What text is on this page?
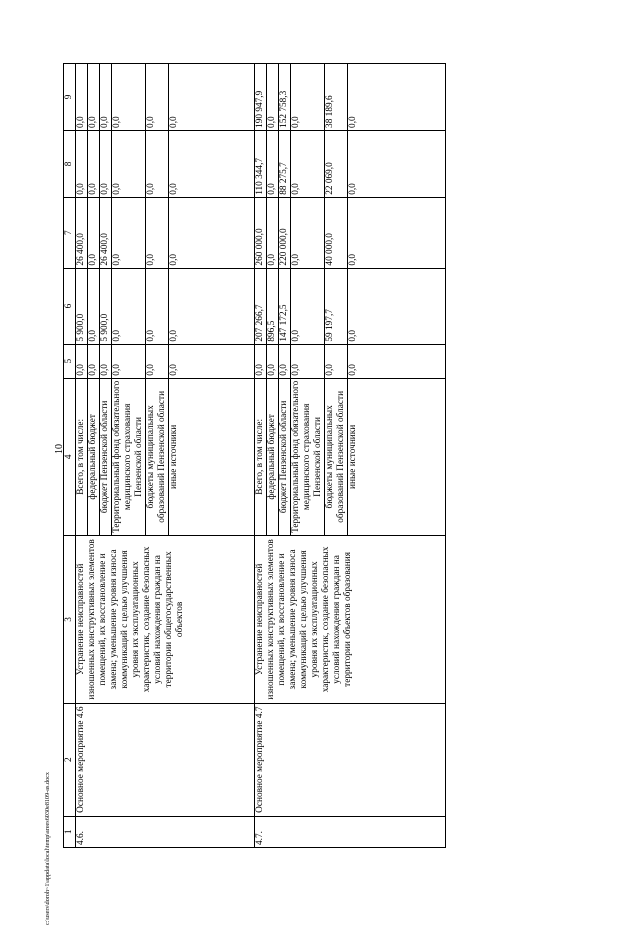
10
c:\users\doroh~1\appdata\local\temp\arees6030e8109-as.docx 1	2	3	4	5	6	7	8	9
4.6.	Основное мероприятие 4.6	Устранение неисправностей изношенных конструктивных элементов помещений, их восстановление и замена; уменьшение уровня износа коммуникаций с целью улучшения уровня их эксплуатационных характеристик, создание безопасных условий нахождения граждан на территории общегосударственных объектов	Всего, в том числе:	0,0	5 900,0	26 400,0	0,0	0,0
			федеральный бюджет	0,0	0,0	0,0	0,0	0,0
			бюджет Пензенской области	0,0	5 900,0	26 400,0	0,0	0,0
			Территориальный фонд обязательного медицинского страхования Пензенской области	0,0	0,0	0,0	0,0	0,0
			бюджеты муниципальных образований Пензенской области	0,0	0,0	0,0	0,0	0,0
			иные источники	0,0	0,0	0,0	0,0	0,0
4.7.	Основное мероприятие 4.7	Устранение неисправностей изношенных конструктивных элементов помещений, их восстановление и замена; уменьшение уровня износа коммуникаций с целью улучшения уровня их эксплуатационных характеристик, создание безопасных условий нахождения граждан на территории объектов образования	Всего, в том числе:	0,0	207 266,7	260 000,0	110 344,7	190 947,9
			федеральный бюджет	0,0	896,5	0,0	0,0	0,0
			бюджет Пензенской области	0,0	147 172,5	220 000,0	88 275,7	152 758,3
			Территориальный фонд обязательного медицинского страхования Пензенской области	0,0	0,0	0,0	0,0	0,0
			бюджеты муниципальных образований Пензенской области	0,0	59 197,7	40 000,0	22 069,0	38 189,6
			иные источники	0,0	0,0	0,0	0,0	0,0
